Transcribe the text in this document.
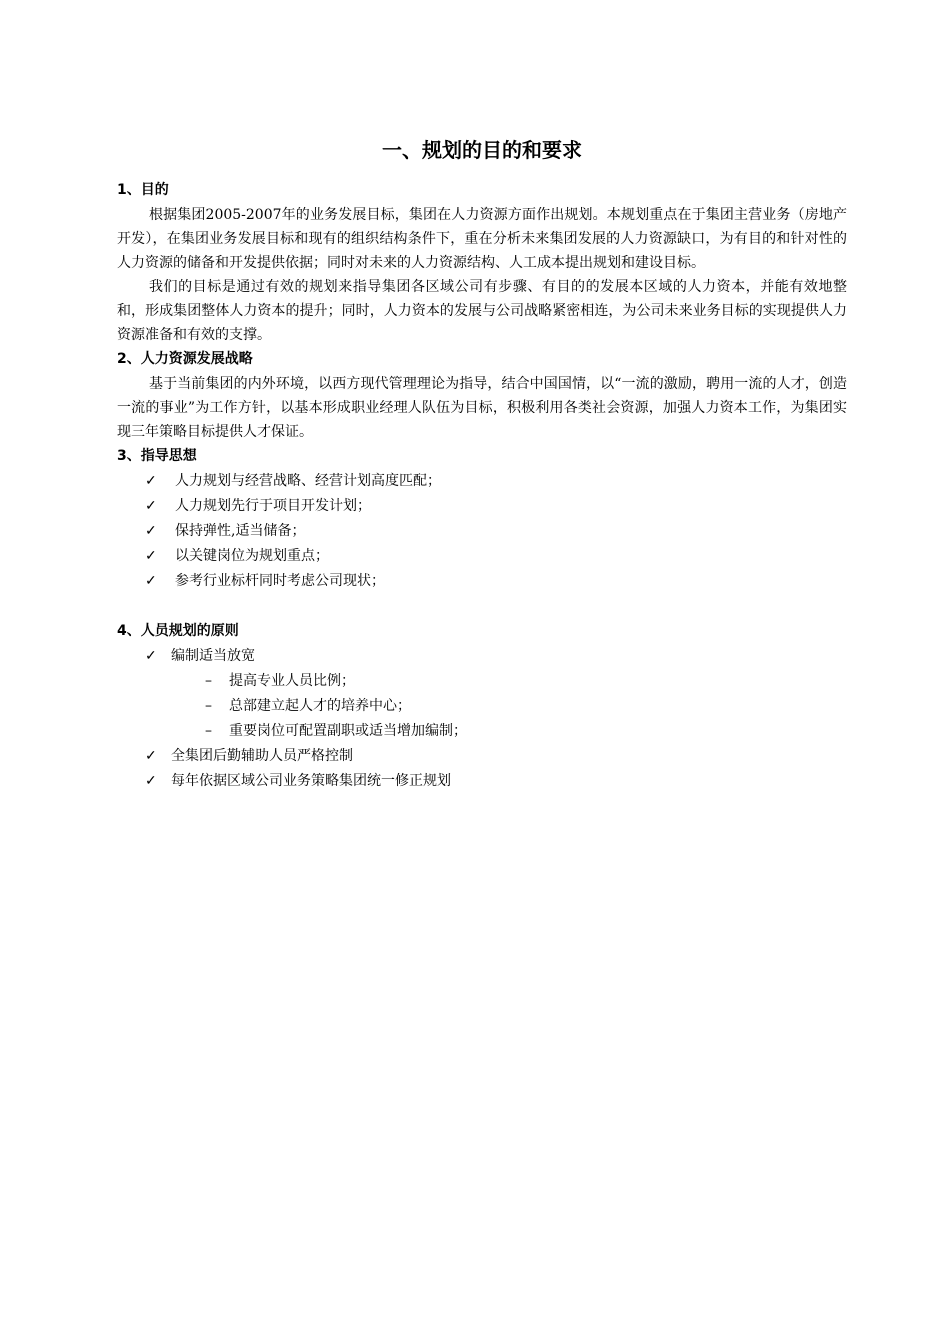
一、规划的目的和要求

1、目的

根据集团2005-2007年的业务发展目标，集团在人力资源方面作出规划。本规划重点在于集团主营业务（房地产开发），在集团业务发展目标和现有的组织结构条件下，重在分析未来集团发展的人力资源缺口，为有目的和针对性的人力资源的储备和开发提供依据；同时对未来的人力资源结构、人工成本提出规划和建设目标。

我们的目标是通过有效的规划来指导集团各区域公司有步骤、有目的的发展本区域的人力资本，并能有效地整和，形成集团整体人力资本的提升；同时，人力资本的发展与公司战略紧密相连，为公司未来业务目标的实现提供人力资源准备和有效的支撑。

2、人力资源发展战略

基于当前集团的内外环境，以西方现代管理理论为指导，结合中国国情，以“一流的激励，聘用一流的人才，创造一流的事业”为工作方针，以基本形成职业经理人队伍为目标，积极利用各类社会资源，加强人力资本工作，为集团实现三年策略目标提供人才保证。

3、指导思想

✓ 人力规划与经营战略、经营计划高度匹配；
✓ 人力规划先行于项目开发计划；
✓ 保持弹性,适当储备；
✓ 以关键岗位为规划重点；
✓ 参考行业标杆同时考虑公司现状；

4、人员规划的原则

✓ 编制适当放宽
– 提高专业人员比例；
– 总部建立起人才的培养中心；
– 重要岗位可配置副职或适当增加编制；
✓ 全集团后勤辅助人员严格控制
✓ 每年依据区域公司业务策略集团统一修正规划
